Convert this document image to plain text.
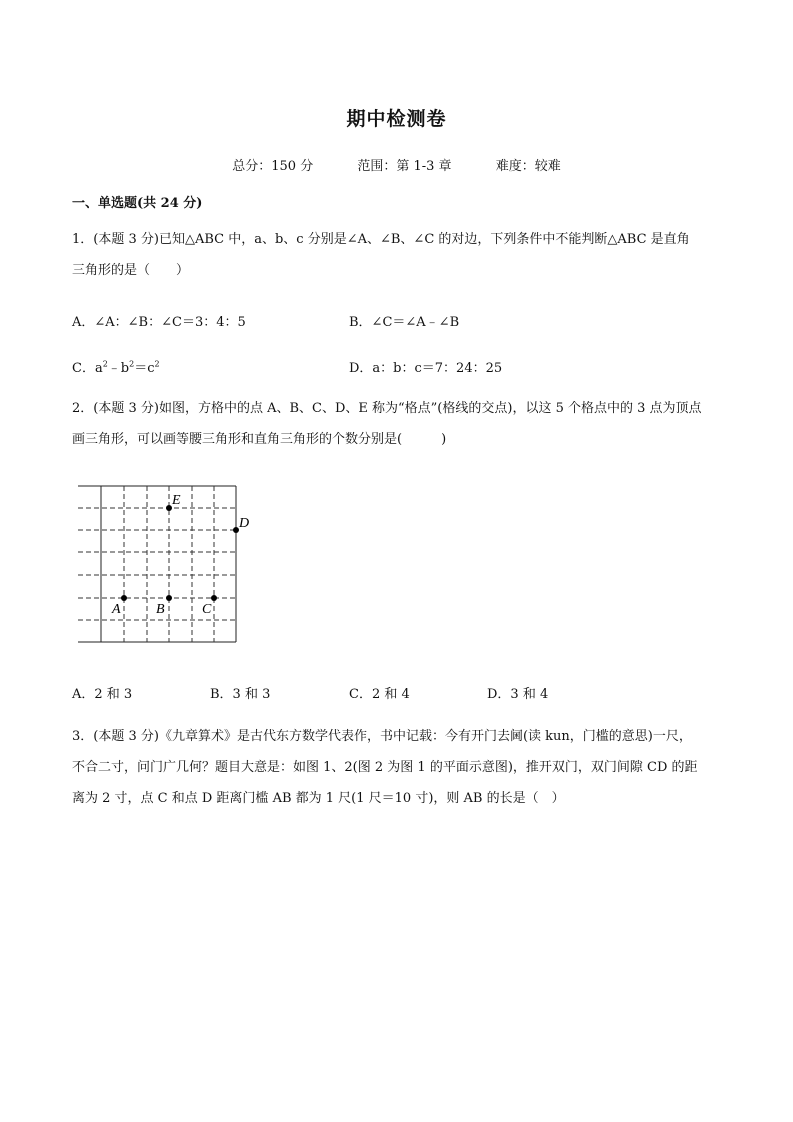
期中检测卷
总分：150 分	范围：第 1-3 章	难度：较难
一、单选题(共 24 分)
1．(本题 3 分)已知△ABC 中，a、b、c 分别是∠A、∠B、∠C 的对边，下列条件中不能判断△ABC 是直角
三角形的是（　　）
A．∠A：∠B：∠C＝3：4：5	B．∠C＝∠A﹣∠B
C．$a^2﹣b^2=c^2$	D．a：b：c＝7：24：25
2．(本题 3 分)如图，方格中的点 A、B、C、D、E 称为“格点”(格线的交点)，以这 5 个格点中的 3 点为顶点
画三角形，可以画等腰三角形和直角三角形的个数分别是(　　　)
A	B	C
D
E
A．2 和 3	B．3 和 3	C．2 和 4	D．3 和 4
3．(本题 3 分)《九章算术》是古代东方数学代表作，书中记载：今有开门去阃(读 kun，门槛的意思)一尺，
不合二寸，问门广几何？题目大意是：如图 1、2(图 2 为图 1 的平面示意图)，推开双门，双门间隙 CD 的距
离为 2 寸，点 C 和点 D 距离门槛 AB 都为 1 尺(1 尺＝10 寸)，则 AB 的长是（　）
